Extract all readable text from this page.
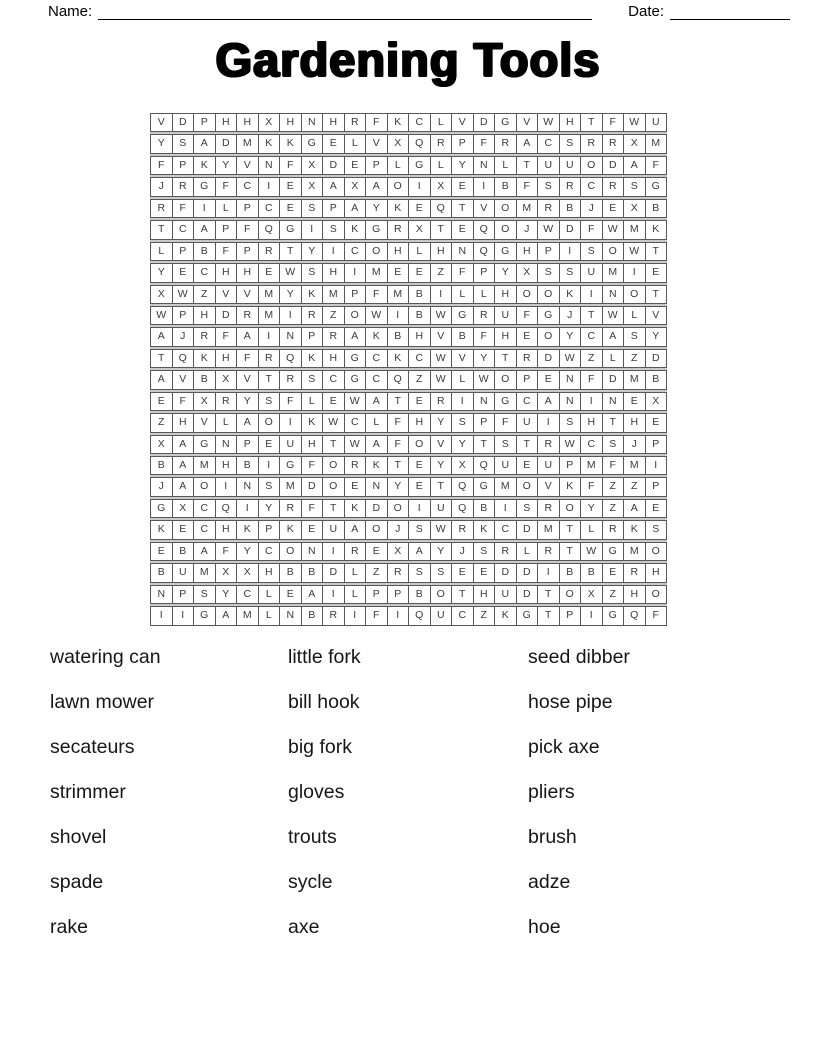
Name:	Date:
Gardening Tools
V	D	P	H	H	X	H	N	H	R	F	K	C	L	V	D	G	V	W	H	T	F	W	U
Y	S	A	D	M	K	K	G	E	L	V	X	Q	R	P	F	R	A	C	S	R	R	X	M
F	P	K	Y	V	N	F	X	D	E	P	L	G	L	Y	N	L	T	U	U	O	D	A	F
J	R	G	F	C	I	E	X	A	X	A	O	I	X	E	I	B	F	S	R	C	R	S	G
R	F	I	L	P	C	E	S	P	A	Y	K	E	Q	T	V	O	M	R	B	J	E	X	B
T	C	A	P	F	Q	G	I	S	K	G	R	X	T	E	Q	O	J	W	D	F	W	M	K
L	P	B	F	P	R	T	Y	I	C	O	H	L	H	N	Q	G	H	P	I	S	O	W	T
Y	E	C	H	H	E	W	S	H	I	M	E	E	Z	F	P	Y	X	S	S	U	M	I	E
X	W	Z	V	V	M	Y	K	M	P	F	M	B	I	L	L	H	O	O	K	I	N	O	T
W	P	H	D	R	M	I	R	Z	O	W	I	B	W	G	R	U	F	G	J	T	W	L	V
A	J	R	F	A	I	N	P	R	A	K	B	H	V	B	F	H	E	O	Y	C	A	S	Y
T	Q	K	H	F	R	Q	K	H	G	C	K	C	W	V	Y	T	R	D	W	Z	L	Z	D
A	V	B	X	V	T	R	S	C	G	C	Q	Z	W	L	W	O	P	E	N	F	D	M	B
E	F	X	R	Y	S	F	L	E	W	A	T	E	R	I	N	G	C	A	N	I	N	E	X
Z	H	V	L	A	O	I	K	W	C	L	F	H	Y	S	P	F	U	I	S	H	T	H	E
X	A	G	N	P	E	U	H	T	W	A	F	O	V	Y	T	S	T	R	W	C	S	J	P
B	A	M	H	B	I	G	F	O	R	K	T	E	Y	X	Q	U	E	U	P	M	F	M	I
J	A	O	I	N	S	M	D	O	E	N	Y	E	T	Q	G	M	O	V	K	F	Z	Z	P
G	X	C	Q	I	Y	R	F	T	K	D	O	I	U	Q	B	I	S	R	O	Y	Z	A	E
K	E	C	H	K	P	K	E	U	A	O	J	S	W	R	K	C	D	M	T	L	R	K	S
E	B	A	F	Y	C	O	N	I	R	E	X	A	Y	J	S	R	L	R	T	W	G	M	O
B	U	M	X	X	H	B	B	D	L	Z	R	S	S	E	E	D	D	I	B	B	E	R	H
N	P	S	Y	C	L	E	A	I	L	P	P	B	O	T	H	U	D	T	O	X	Z	H	O
I	I	G	A	M	L	N	B	R	I	F	I	Q	U	C	Z	K	G	T	P	I	G	Q	F
watering can
lawn mower
secateurs
strimmer
shovel
spade
rake
little fork
bill hook
big fork
gloves
trouts
sycle
axe
seed dibber
hose pipe
pick axe
pliers
brush
adze
hoe
